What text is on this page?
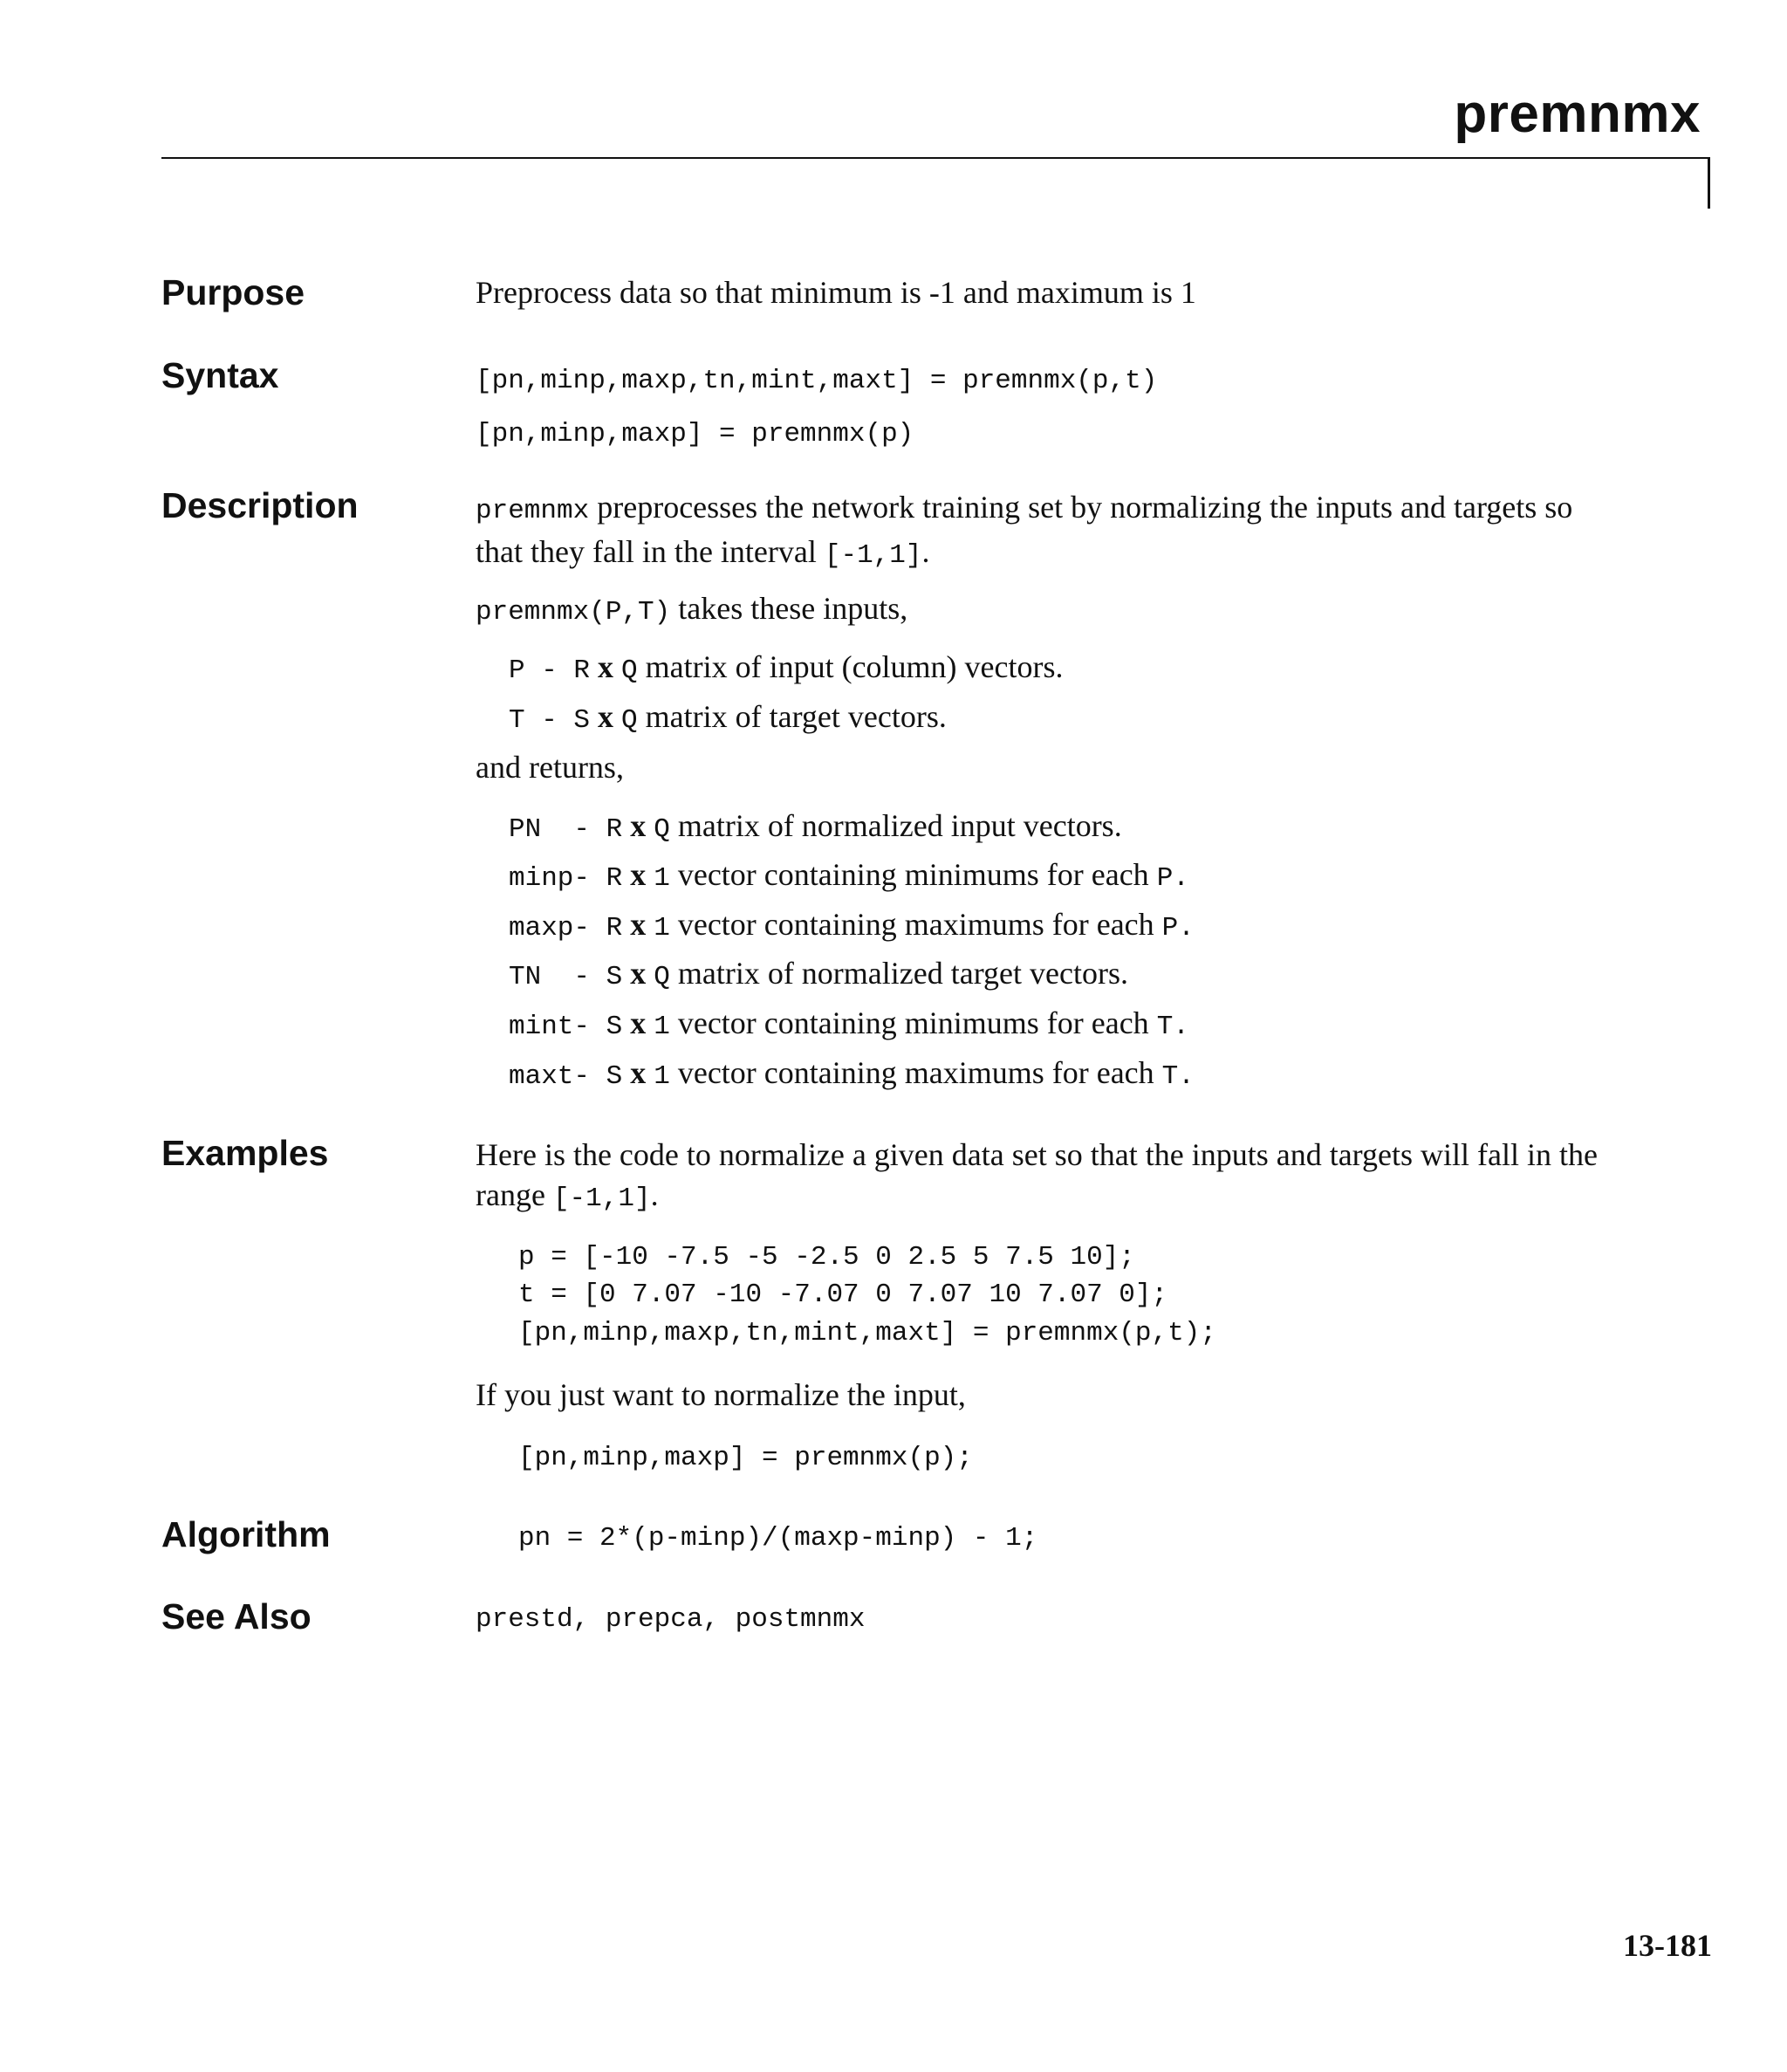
premnmx
Purpose	Preprocess data so that minimum is -1 and maximum is 1
Syntax	[pn,minp,maxp,tn,mint,maxt] = premnmx(p,t)
[pn,minp,maxp] = premnmx(p)
Description	premnmx preprocesses the network training set by normalizing the inputs and targets so that they fall in the interval [-1,1].
premnmx(P,T) takes these inputs,
P - R x Q matrix of input (column) vectors.
T - S x Q matrix of target vectors.
and returns,
PN  - R x Q matrix of normalized input vectors.
minp- R x 1 vector containing minimums for each P.
maxp- R x 1 vector containing maximums for each P.
TN  - S x Q matrix of normalized target vectors.
mint- S x 1 vector containing minimums for each T.
maxt- S x 1 vector containing maximums for each T.
Examples	Here is the code to normalize a given data set so that the inputs and targets will fall in the range [-1,1].
p = [-10 -7.5 -5 -2.5 0 2.5 5 7.5 10];
t = [0 7.07 -10 -7.07 0 7.07 10 7.07 0];
[pn,minp,maxp,tn,mint,maxt] = premnmx(p,t);
If you just want to normalize the input,
[pn,minp,maxp] = premnmx(p);
Algorithm	pn = 2*(p-minp)/(maxp-minp) - 1;
See Also	prestd, prepca, postmnmx
13-181
